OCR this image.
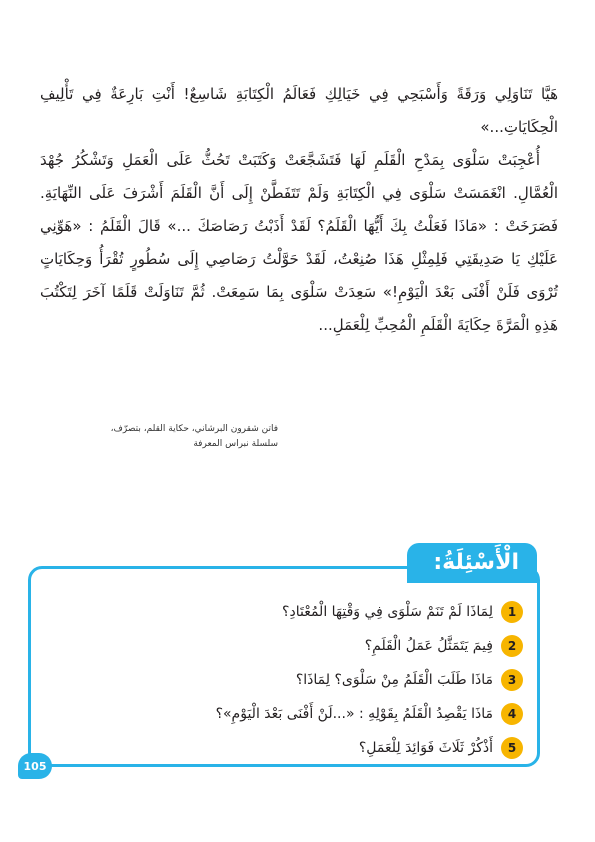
هَيَّا تَنَاوَلِي وَرَقَةً وَأَسْبَحِي فِي خَيَالِكِ فَعَالَمُ الْكِتَابَةِ شَاسِعٌ! أَنْتِ بَارِعَةٌ فِي تَأْلِيفِ الْحِكَايَاتِ...»

أُعْجِبَتْ سَلْوَى بِمَدْحِ الْقَلَمِ لَهَا فَتَشَجَّعَتْ وَكَتَبَتْ تَحُثُّ عَلَى الْعَمَلِ وَتَشْكُرُ جُهْدَ الْعُمَّالِ. انْغَمَسَتْ سَلْوَى فِي الْكِتَابَةِ وَلَمْ تَتَفَطَّنْ إِلَى أَنَّ الْقَلَمَ أَشْرَفَ عَلَى النِّهَايَةِ. فَصَرَخَتْ : «مَاذَا فَعَلْتُ بِكَ أَيُّهَا الْقَلَمُ؟ لَقَدْ أَذَبْتُ رَصَاصَكَ ...» قَالَ الْقَلَمُ : «هَوِّنِي عَلَيْكِ يَا صَدِيقَتِي فَلِمِثْلِ هَذَا صُنِعْتُ، لَقَدْ حَوَّلْتُ رَصَاصِي إِلَى سُطُورٍ تُقْرَأُ وَحِكَايَاتٍ تُرْوَى فَلَنْ أَفْنَى بَعْدَ الْيَوْمِ!» سَعِدَتْ سَلْوَى بِمَا سَمِعَتْ. ثُمَّ تَنَاوَلَتْ قَلَمًا آخَرَ لِتَكْتُبَ هَذِهِ الْمَرَّةَ حِكَايَةَ الْقَلَمِ الْمُحِبِّ لِلْعَمَلِ...

فاتن شقرون البرشاني، حكاية القلم، بتصرّف،
سلسلة نبراس المعرفة
الْأَسْئِلَةُ:
1
لِمَاذَا لَمْ تَنَمْ سَلْوَى فِي وَقْتِهَا الْمُعْتَادِ؟
2
فِيمَ يَتَمَثَّلُ عَمَلُ الْقَلَمِ؟
3
مَاذَا طَلَبَ الْقَلَمُ مِنْ سَلْوَى؟ لِمَاذَا؟
4
مَاذَا يَقْصِدُ الْقَلَمُ بِقَوْلِهِ : «...لَنْ أَفْنَى بَعْدَ الْيَوْمِ»؟
5
أَذْكُرْ ثَلَاثَ فَوَائِدَ لِلْعَمَلِ؟
105
